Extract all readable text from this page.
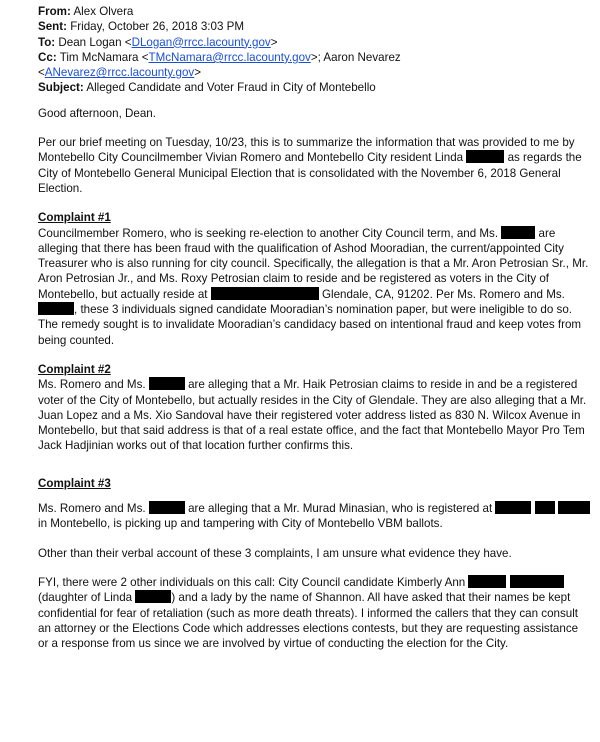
From: Alex Olvera
Sent: Friday, October 26, 2018 3:03 PM
To: Dean Logan <DLogan@rrcc.lacounty.gov>
Cc: Tim McNamara <TMcNamara@rrcc.lacounty.gov>; Aaron Nevarez
<ANevarez@rrcc.lacounty.gov>
Subject: Alleged Candidate and Voter Fraud in City of Montebello

Good afternoon, Dean.

Per our brief meeting on Tuesday, 10/23, this is to summarize the information that was provided to me by Montebello City Councilmember Vivian Romero and Montebello City resident Linda	as regards the City of Montebello General Municipal Election that is consolidated with the November 6, 2018 General Election.

Complaint #1

Councilmember Romero, who is seeking re-election to another City Council term, and Ms.	are alleging that there has been fraud with the qualification of Ashod Mooradian, the current/appointed City Treasurer who is also running for city council. Specifically, the allegation is that a Mr. Aron Petrosian Sr., Mr. Aron Petrosian Jr., and Ms. Roxy Petrosian claim to reside and be registered as voters in the City of Montebello, but actually reside at	Glendale, CA, 91202. Per Ms. Romero and Ms. , these 3 individuals signed candidate Mooradian’s nomination paper, but were ineligible to do so. The remedy sought is to invalidate Mooradian’s candidacy based on intentional fraud and keep votes from being counted.

Complaint #2

Ms. Romero and Ms.	are alleging that a Mr. Haik Petrosian claims to reside in and be a registered voter of the City of Montebello, but actually resides in the City of Glendale. They are also alleging that a Mr. Juan Lopez and a Ms. Xio Sandoval have their registered voter address listed as 830 N. Wilcox Avenue in Montebello, but that said address is that of a real estate office, and the fact that Montebello Mayor Pro Tem Jack Hadjinian works out of that location further confirms this.

Complaint #3

Ms. Romero and Ms.	are alleging that a Mr. Murad Minasian, who is registered at    in Montebello, is picking up and tampering with City of Montebello VBM ballots.

Other than their verbal account of these 3 complaints, I am unsure what evidence they have.

FYI, there were 2 other individuals on this call: City Council candidate Kimberly Ann   (daughter of Linda	) and a lady by the name of Shannon. All have asked that their names be kept confidential for fear of retaliation (such as more death threats). I informed the callers that they can consult an attorney or the Elections Code which addresses elections contests, but they are requesting assistance or a response from us since we are involved by virtue of conducting the election for the City.
